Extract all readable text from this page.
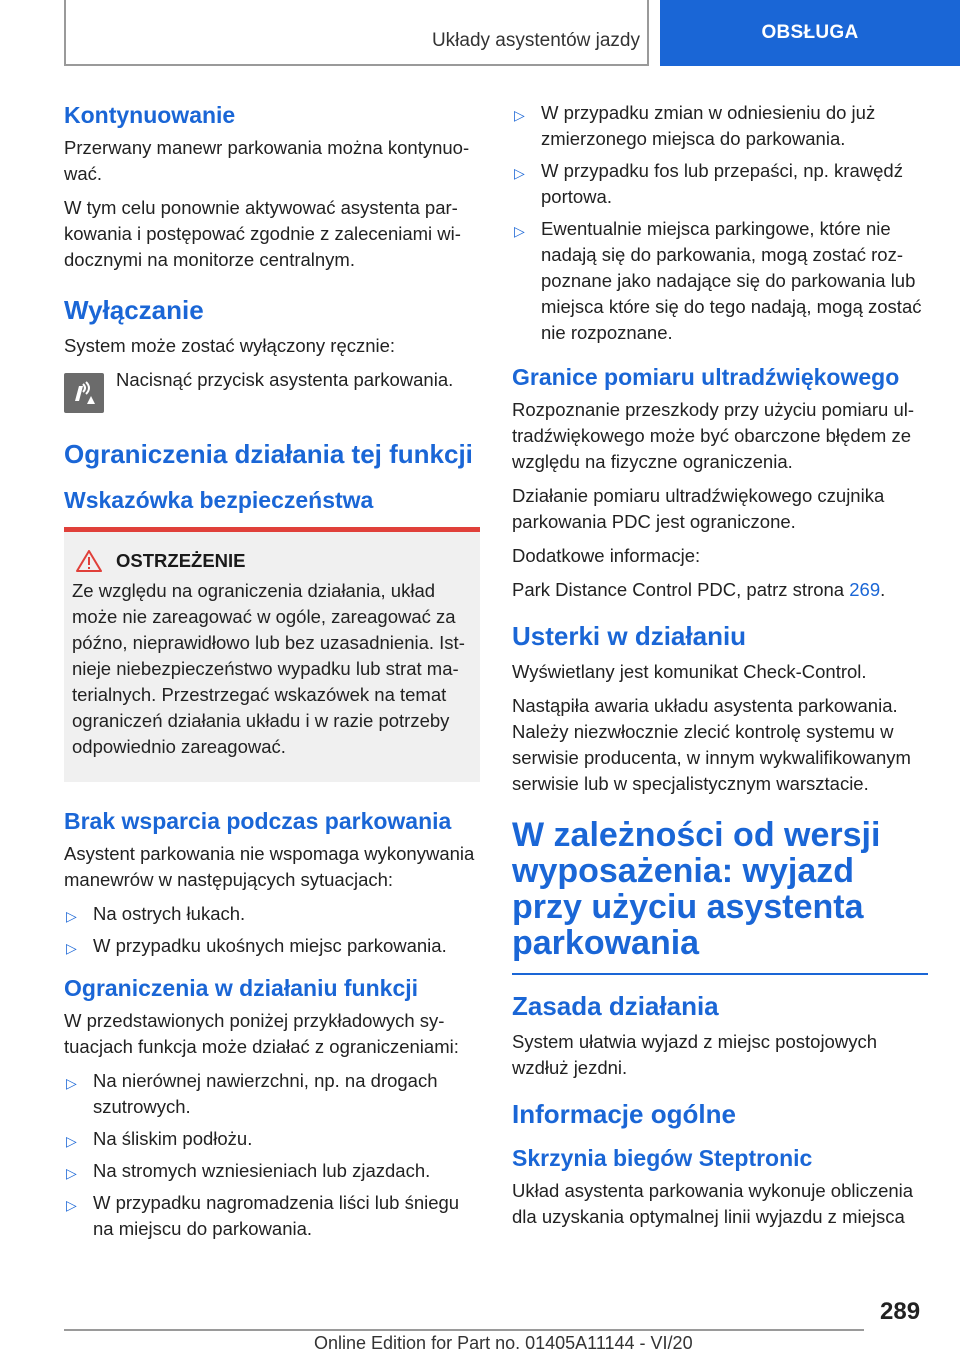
Układy asystentów jazdy	OBSŁUGA
Kontynuowanie

Przerwany manewr parkowania można kontynuować.

W tym celu ponownie aktywować asystenta parkowania i postępować zgodnie z zaleceniami widocznymi na monitorze centralnym.

Wyłączanie

System może zostać wyłączony ręcznie:

Nacisnąć przycisk asystenta parkowania.

Ograniczenia działania tej funkcji
Wskazówka bezpieczeństwa
OSTRZEŻENIE

Ze względu na ograniczenia działania, układ może nie zareagować w ogóle, zareagować za późno, nieprawidłowo lub bez uzasadnienia. Istnieje niebezpieczeństwo wypadku lub strat materialnych. Przestrzegać wskazówek na temat ograniczeń działania układu i w razie potrzeby odpowiednio zareagować.

Brak wsparcia podczas parkowania

Asystent parkowania nie wspomaga wykonywania manewrów w następujących sytuacjach:

▷ Na ostrych łukach.
▷ W przypadku ukośnych miejsc parkowania.
Ograniczenia w działaniu funkcji

W przedstawionych poniżej przykładowych sytuacjach funkcja może działać z ograniczeniami:

▷ Na nierównej nawierzchni, np. na drogach szutrowych.
▷ Na śliskim podłożu.
▷ Na stromych wzniesieniach lub zjazdach.
▷ W przypadku nagromadzenia liści lub śniegu na miejscu do parkowania.
▷ W przypadku zmian w odniesieniu do już zmierzonego miejsca do parkowania.
▷ W przypadku fos lub przepaści, np. krawędź portowa.
▷ Ewentualnie miejsca parkingowe, które nie nadają się do parkowania, mogą zostać rozpoznane jako nadające się do parkowania lub miejsca które się do tego nadają, mogą zostać nie rozpoznane.
Granice pomiaru ultradźwiękowego

Rozpoznanie przeszkody przy użyciu pomiaru ultradźwiękowego może być obarczone błędem ze względu na fizyczne ograniczenia.

Działanie pomiaru ultradźwiękowego czujnika parkowania PDC jest ograniczone.

Dodatkowe informacje:

Park Distance Control PDC, patrz strona 269.

Usterki w działaniu

Wyświetlany jest komunikat Check-Control.

Nastąpiła awaria układu asystenta parkowania. Należy niezwłocznie zlecić kontrolę systemu w serwisie producenta, w innym wykwalifikowanym serwisie lub w specjalistycznym warsztacie.

W zależności od wersji wyposażenia: wyjazd przy użyciu asystenta parkowania
Zasada działania

System ułatwia wyjazd z miejsc postojowych wzdłuż jezdni.

Informacje ogólne
Skrzynia biegów Steptronic

Układ asystenta parkowania wykonuje obliczenia dla uzyskania optymalnej linii wyjazdu z miejsca

289
Online Edition for Part no. 01405A11144 - VI/20
